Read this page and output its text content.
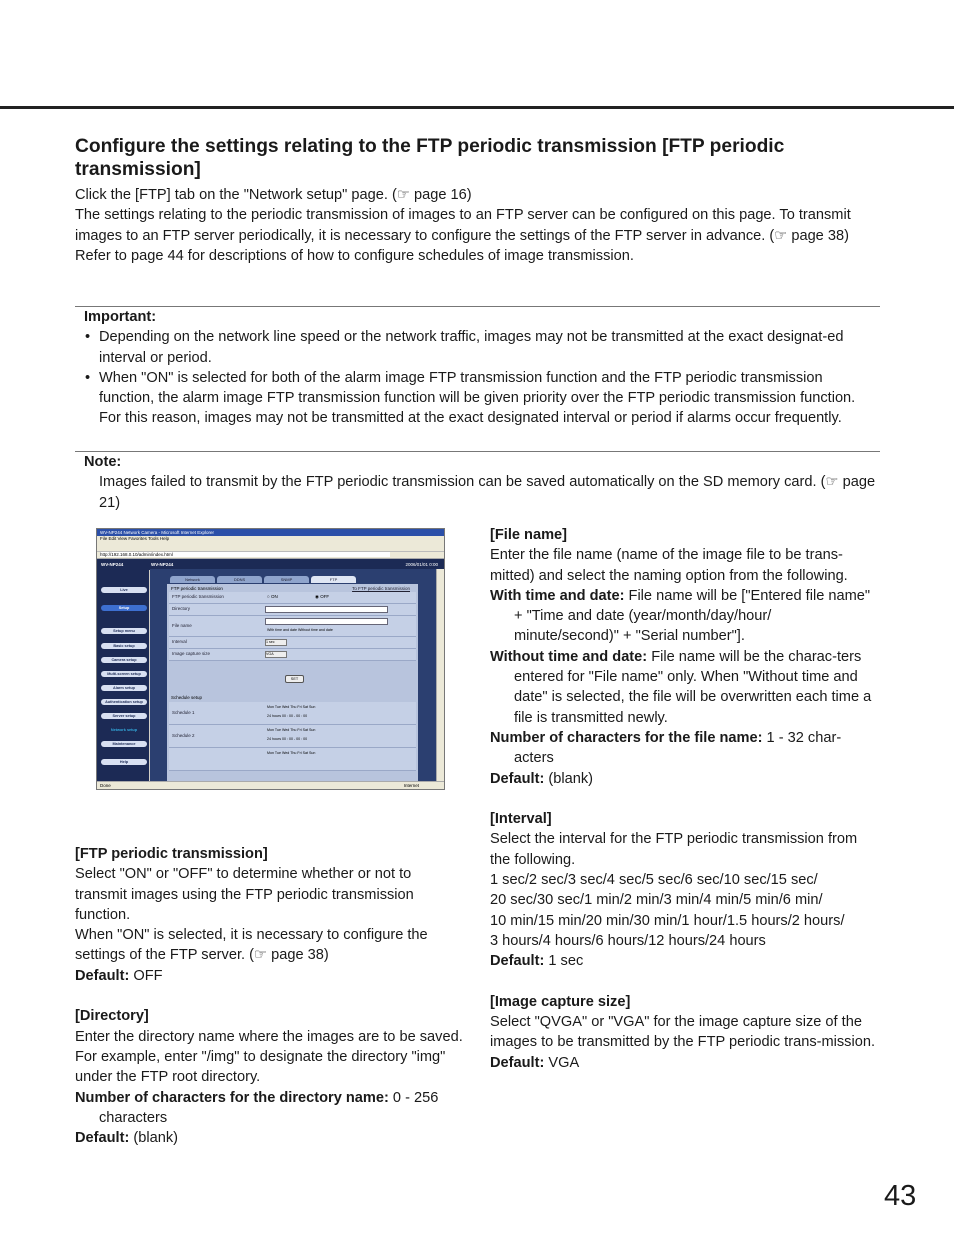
Configure the settings relating to the FTP periodic transmission [FTP periodic transmission]

Click the [FTP] tab on the "Network setup" page. (☞ page 16)

The settings relating to the periodic transmission of images to an FTP server can be configured on this page. To transmit images to an FTP server periodically, it is necessary to configure the settings of the FTP server in advance. (☞ page 38)

Refer to page 44 for descriptions of how to configure schedules of image transmission.

Important:

• Depending on the network line speed or the network traffic, images may not be transmitted at the exact designat-ed interval or period.
• When "ON" is selected for both of the alarm image FTP transmission function and the FTP periodic transmission function, the alarm image FTP transmission function will be given priority over the FTP periodic transmission function. For this reason, images may not be transmitted at the exact designated interval or period if alarms occur frequently.

Note:

Images failed to transmit by the FTP periodic transmission can be saved automatically on the SD memory card. (☞ page 21)

WV-NP244 Network Camera - Microsoft Internet Explorer
File Edit View Favorites Tools Help
http://192.168.0.10/admin/index.html
WV-NP244	WV-NP244	2006/01/01 0:00
Live
Setup
Setup menu
Basic setup
Camera setup
Multi-screen setup
Alarm setup
Authentication setup
Server setup
Network setup
Maintenance
Help
Network	DDNS	SNMP	FTP
FTP periodic transmission	To FTP periodic transmission
FTP periodic transmission	○ ON	◉ OFF
Directory
File name
With time and date Without time and date
Interval	1 sec
Image capture size	VGA
SET
Schedule setup
Schedule 1
Mon Tue Wed Thu Fri Sat Sun
24 hours 00 : 00 - 00 : 00
Schedule 2
Mon Tue Wed Thu Fri Sat Sun
24 hours 00 : 00 - 00 : 00
Mon Tue Wed Thu Fri Sat Sun
Done	Internet

[FTP periodic transmission]

Select "ON" or "OFF" to determine whether or not to transmit images using the FTP periodic transmission function.

When "ON" is selected, it is necessary to configure the settings of the FTP server. (☞ page 38)

Default: OFF

[Directory]

Enter the directory name where the images are to be saved.

For example, enter "/img" to designate the directory "img" under the FTP root directory.

Number of characters for the directory name: 0 - 256 characters

Default: (blank)

[File name]

Enter the file name (name of the image file to be trans-mitted) and select the naming option from the following.

With time and date: File name will be ["Entered file name" + "Time and date (year/month/day/hour/ minute/second)" + "Serial number"].

Without time and date: File name will be the charac-ters entered for "File name" only. When "Without time and date" is selected, the file will be overwritten each time a file is transmitted newly.

Number of characters for the file name: 1 - 32 char-acters

Default: (blank)

[Interval]

Select the interval for the FTP periodic transmission from the following.

1 sec/2 sec/3 sec/4 sec/5 sec/6 sec/10 sec/15 sec/

20 sec/30 sec/1 min/2 min/3 min/4 min/5 min/6 min/

10 min/15 min/20 min/30 min/1 hour/1.5 hours/2 hours/

3 hours/4 hours/6 hours/12 hours/24 hours

Default: 1 sec

[Image capture size]

Select "QVGA" or "VGA" for the image capture size of the images to be transmitted by the FTP periodic trans-mission.

Default: VGA

43
